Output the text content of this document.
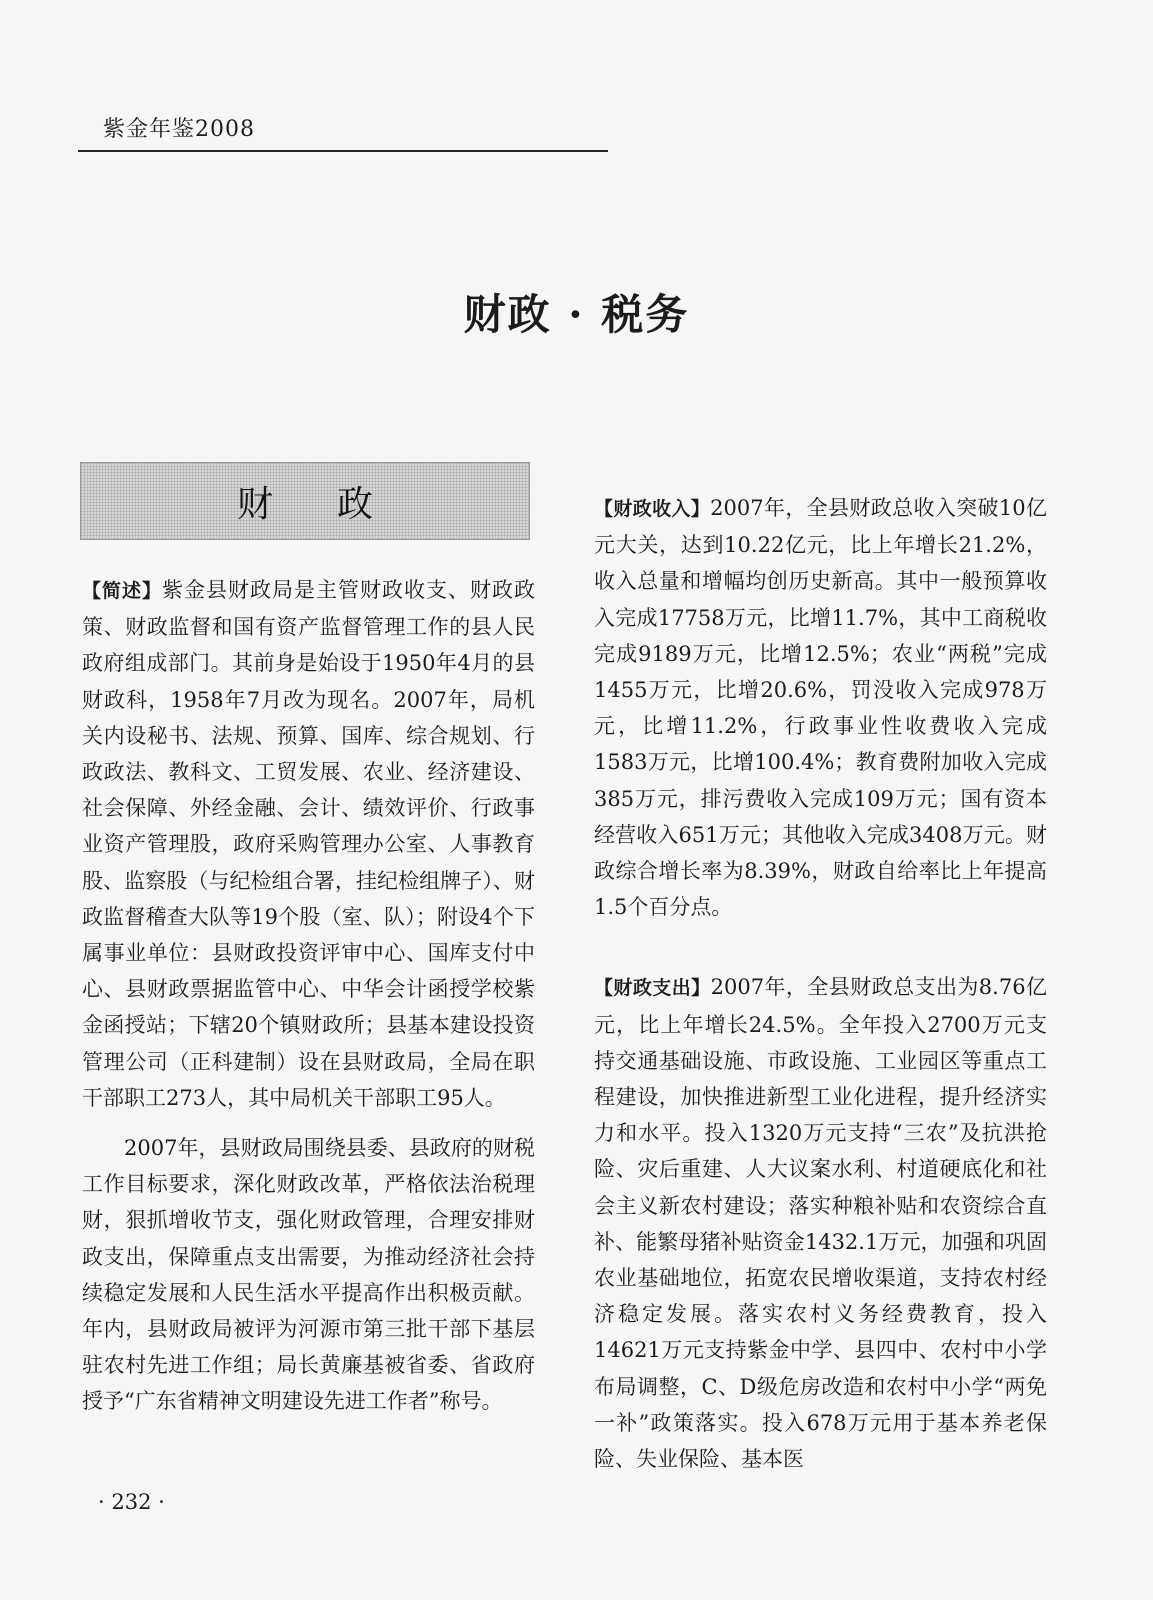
紫金年鉴2008
财政 · 税务
财政

【简述】紫金县财政局是主管财政收支、财政政策、财政监督和国有资产监督管理工作的县人民政府组成部门。其前身是始设于1950年4月的县财政科，1958年7月改为现名。2007年，局机关内设秘书、法规、预算、国库、综合规划、行政政法、教科文、工贸发展、农业、经济建设、社会保障、外经金融、会计、绩效评价、行政事业资产管理股，政府采购管理办公室、人事教育股、监察股（与纪检组合署，挂纪检组牌子）、财政监督稽查大队等19个股（室、队）；附设4个下属事业单位：县财政投资评审中心、国库支付中心、县财政票据监管中心、中华会计函授学校紫金函授站；下辖20个镇财政所；县基本建设投资管理公司（正科建制）设在县财政局，全局在职干部职工273人，其中局机关干部职工95人。

2007年，县财政局围绕县委、县政府的财税工作目标要求，深化财政改革，严格依法治税理财，狠抓增收节支，强化财政管理，合理安排财政支出，保障重点支出需要，为推动经济社会持续稳定发展和人民生活水平提高作出积极贡献。年内，县财政局被评为河源市第三批干部下基层驻农村先进工作组；局长黄廉基被省委、省政府授予“广东省精神文明建设先进工作者”称号。

【财政收入】2007年，全县财政总收入突破10亿元大关，达到10.22亿元，比上年增长21.2%，收入总量和增幅均创历史新高。其中一般预算收入完成17758万元，比增11.7%，其中工商税收完成9189万元，比增12.5%；农业“两税”完成1455万元，比增20.6%，罚没收入完成978万元，比增11.2%，行政事业性收费收入完成1583万元，比增100.4%；教育费附加收入完成385万元，排污费收入完成109万元；国有资本经营收入651万元；其他收入完成3408万元。财政综合增长率为8.39%，财政自给率比上年提高1.5个百分点。

【财政支出】2007年，全县财政总支出为8.76亿元，比上年增长24.5%。全年投入2700万元支持交通基础设施、市政设施、工业园区等重点工程建设，加快推进新型工业化进程，提升经济实力和水平。投入1320万元支持“三农”及抗洪抢险、灾后重建、人大议案水利、村道硬底化和社会主义新农村建设；落实种粮补贴和农资综合直补、能繁母猪补贴资金1432.1万元，加强和巩固农业基础地位，拓宽农民增收渠道，支持农村经济稳定发展。落实农村义务经费教育，投入14621万元支持紫金中学、县四中、农村中小学布局调整，C、D级危房改造和农村中小学“两免一补”政策落实。投入678万元用于基本养老保险、失业保险、基本医

· 232 ·
